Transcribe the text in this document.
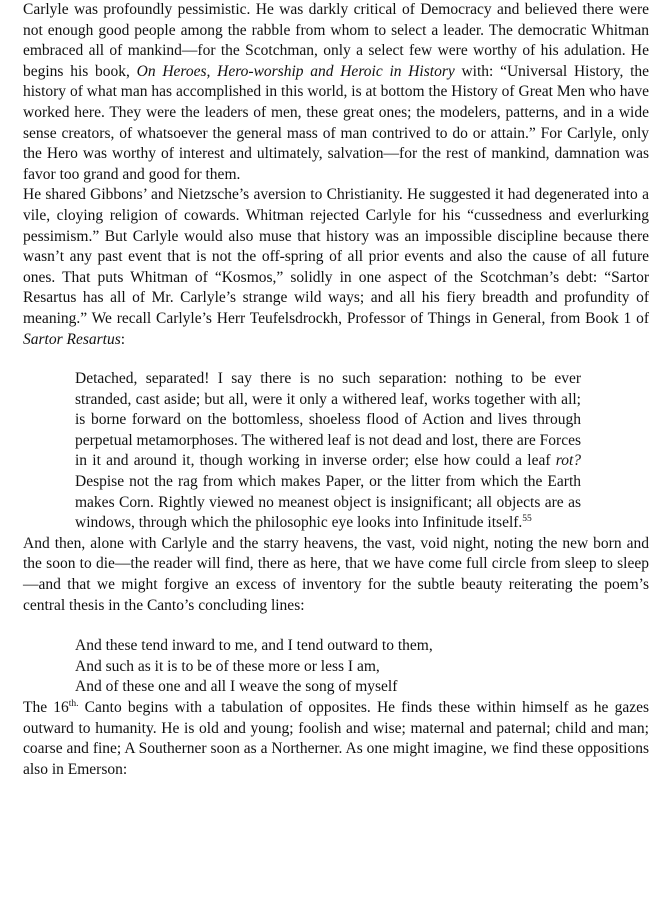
Carlyle was profoundly pessimistic. He was darkly critical of Democracy and believed there were not enough good people among the rabble from whom to select a leader. The democratic Whitman embraced all of mankind—for the Scotchman, only a select few were worthy of his adulation. He begins his book, On Heroes, Hero-worship and Heroic in History with: “Universal History, the history of what man has accomplished in this world, is at bottom the History of Great Men who have worked here. They were the leaders of men, these great ones; the modelers, patterns, and in a wide sense creators, of whatsoever the general mass of man contrived to do or attain.” For Carlyle, only the Hero was worthy of interest and ultimately, salvation—for the rest of mankind, damnation was favor too grand and good for them.

He shared Gibbons’ and Nietzsche’s aversion to Christianity. He suggested it had degenerated into a vile, cloying religion of cowards. Whitman rejected Carlyle for his “cussedness and everlurking pessimism.” But Carlyle would also muse that history was an impossible discipline because there wasn’t any past event that is not the off-spring of all prior events and also the cause of all future ones. That puts Whitman of “Kosmos,” solidly in one aspect of the Scotchman’s debt: “Sartor Resartus has all of Mr. Carlyle’s strange wild ways; and all his fiery breadth and profundity of meaning.” We recall Carlyle’s Herr Teufelsdrockh, Professor of Things in General, from Book 1 of Sartor Resartus:

Detached, separated! I say there is no such separation: nothing to be ever stranded, cast aside; but all, were it only a withered leaf, works together with all; is borne forward on the bottomless, shoeless flood of Action and lives through perpetual metamorphoses. The withered leaf is not dead and lost, there are Forces in it and around it, though working in inverse order; else how could a leaf rot? Despise not the rag from which makes Paper, or the litter from which the Earth makes Corn. Rightly viewed no meanest object is insignificant; all objects are as windows, through which the philosophic eye looks into Infinitude itself.$^{55}$

And then, alone with Carlyle and the starry heavens, the vast, void night, noting the new born and the soon to die—the reader will find, there as here, that we have come full circle from sleep to sleep—and that we might forgive an excess of inventory for the subtle beauty reiterating the poem’s central thesis in the Canto’s concluding lines:

And these tend inward to me, and I tend outward to them,
And such as it is to be of these more or less I am,
And of these one and all I weave the song of myself

The $16^{th.}$ Canto begins with a tabulation of opposites. He finds these within himself as he gazes outward to humanity. He is old and young; foolish and wise; maternal and paternal; child and man; coarse and fine; A Southerner soon as a Northerner. As one might imagine, we find these oppositions also in Emerson:
